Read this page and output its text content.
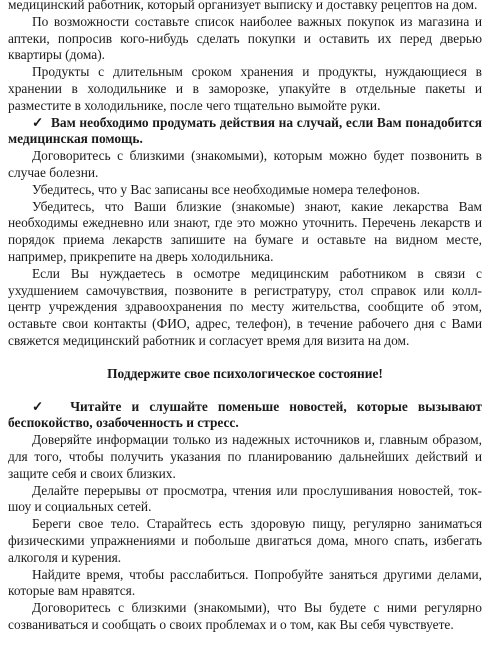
медицинский работник, который организует выписку и доставку рецептов на дом.

По возможности составьте список наиболее важных покупок из магазина и аптеки, попросив кого-нибудь сделать покупки и оставить их перед дверью квартиры (дома).

Продукты с длительным сроком хранения и продукты, нуждающиеся в хранении в холодильнике и в заморозке, упакуйте в отдельные пакеты и разместите в холодильнике, после чего тщательно вымойте руки.

✓ Вам необходимо продумать действия на случай, если Вам понадобится медицинская помощь.

Договоритесь с близкими (знакомыми), которым можно будет позвонить в случае болезни.

Убедитесь, что у Вас записаны все необходимые номера телефонов.

Убедитесь, что Ваши близкие (знакомые) знают, какие лекарства Вам необходимы ежедневно или знают, где это можно уточнить. Перечень лекарств и порядок приема лекарств запишите на бумаге и оставьте на видном месте, например, прикрепите на дверь холодильника.

Если Вы нуждаетесь в осмотре медицинским работником в связи с ухудшением самочувствия, позвоните в регистратуру, стол справок или колл-центр учреждения здравоохранения по месту жительства, сообщите об этом, оставьте свои контакты (ФИО, адрес, телефон), в течение рабочего дня с Вами свяжется медицинский работник и согласует время для визита на дом.

Поддержите свое психологическое состояние!

✓ Читайте и слушайте поменьше новостей, которые вызывают беспокойство, озабоченность и стресс.

Доверяйте информации только из надежных источников и, главным образом, для того, чтобы получить указания по планированию дальнейших действий и защите себя и своих близких.

Делайте перерывы от просмотра, чтения или прослушивания новостей, ток-шоу и социальных сетей.

Береги свое тело. Старайтесь есть здоровую пищу, регулярно заниматься физическими упражнениями и побольше двигаться дома, много спать, избегать алкоголя и курения.

Найдите время, чтобы расслабиться. Попробуйте заняться другими делами, которые вам нравятся.

Договоритесь с близкими (знакомыми), что Вы будете с ними регулярно созваниваться и сообщать о своих проблемах и о том, как Вы себя чувствуете.
